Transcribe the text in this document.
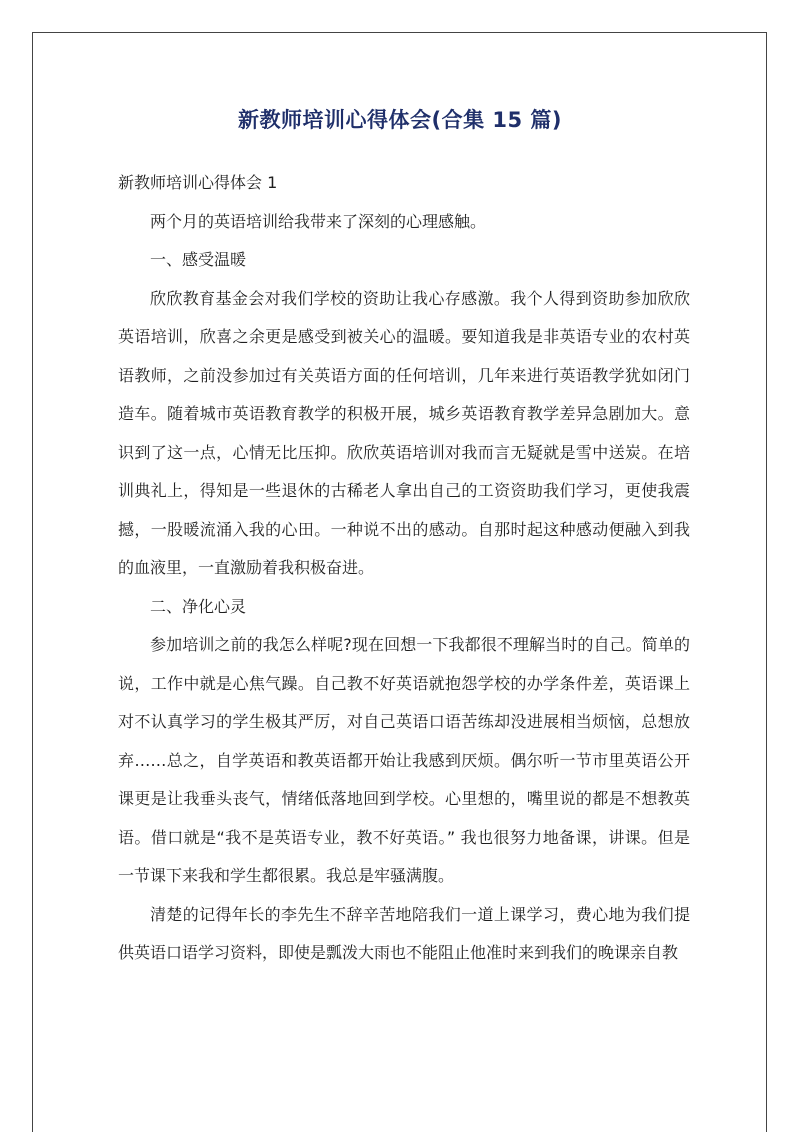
新教师培训心得体会(合集 15 篇)

新教师培训心得体会 1

两个月的英语培训给我带来了深刻的心理感触。

一、感受温暖

欣欣教育基金会对我们学校的资助让我心存感激。我个人得到资助参加欣欣英语培训，欣喜之余更是感受到被关心的温暖。要知道我是非英语专业的农村英语教师，之前没参加过有关英语方面的任何培训，几年来进行英语教学犹如闭门造车。随着城市英语教育教学的积极开展，城乡英语教育教学差异急剧加大。意识到了这一点，心情无比压抑。欣欣英语培训对我而言无疑就是雪中送炭。在培训典礼上，得知是一些退休的古稀老人拿出自己的工资资助我们学习，更使我震撼，一股暖流涌入我的心田。一种说不出的感动。自那时起这种感动便融入到我的血液里，一直激励着我积极奋进。

二、净化心灵

参加培训之前的我怎么样呢?现在回想一下我都很不理解当时的自己。简单的说，工作中就是心焦气躁。自己教不好英语就抱怨学校的办学条件差，英语课上对不认真学习的学生极其严厉，对自己英语口语苦练却没进展相当烦恼，总想放弃……总之，自学英语和教英语都开始让我感到厌烦。偶尔听一节市里英语公开课更是让我垂头丧气，情绪低落地回到学校。心里想的，嘴里说的都是不想教英语。借口就是“我不是英语专业，教不好英语。” 我也很努力地备课，讲课。但是一节课下来我和学生都很累。我总是牢骚满腹。

清楚的记得年长的李先生不辞辛苦地陪我们一道上课学习，费心地为我们提供英语口语学习资料，即使是瓢泼大雨也不能阻止他准时来到我们的晚课亲自教
